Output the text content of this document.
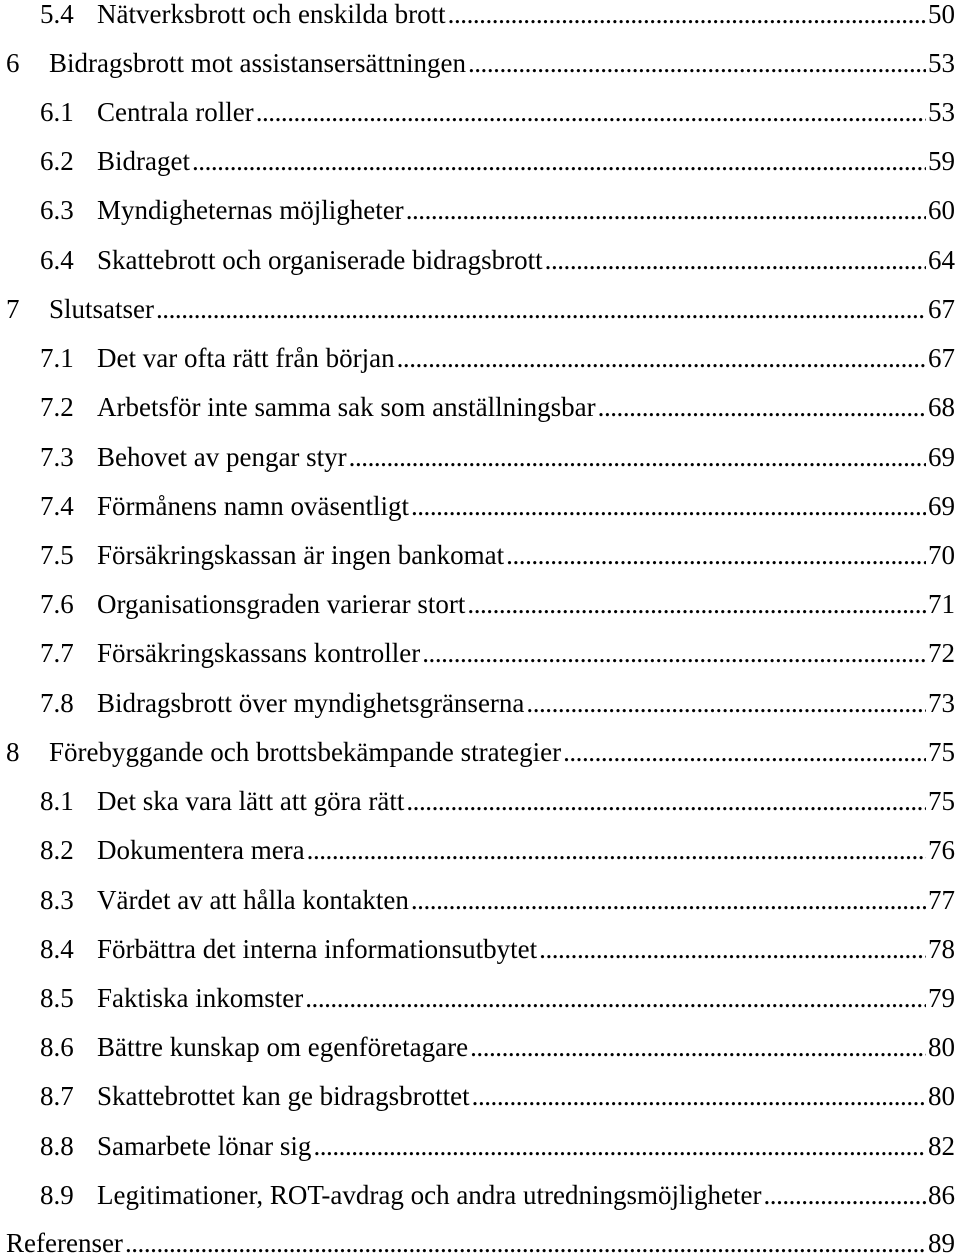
5.4 Nätverksbrott och enskilda brott . . .	50
6	Bidragsbrott mot assistansersättningen . . .	53
6.1 Centrala roller . . .	53
6.2 Bidraget . . .	59
6.3 Myndigheternas möjligheter . . .	60
6.4 Skattebrott och organiserade bidragsbrott . . .	64
7	Slutsatser . . .	67
7.1 Det var ofta rätt från början . . .	67
7.2 Arbetsför inte samma sak som anställningsbar . . .	68
7.3 Behovet av pengar styr . . .	69
7.4 Förmånens namn oväsentligt . . .	69
7.5 Försäkringskassan är ingen bankomat . . .	70
7.6 Organisationsgraden varierar stort . . .	71
7.7 Försäkringskassans kontroller . . .	72
7.8 Bidragsbrott över myndighetsgränserna . . .	73
8	Förebyggande och brottsbekämpande strategier . . .	75
8.1 Det ska vara lätt att göra rätt . . .	75
8.2 Dokumentera mera . . .	76
8.3 Värdet av att hålla kontakten . . .	77
8.4 Förbättra det interna informationsutbytet . . .	78
8.5 Faktiska inkomster . . .	79
8.6 Bättre kunskap om egenföretagare . . .	80
8.7 Skattebrottet kan ge bidragsbrottet . . .	80
8.8 Samarbete lönar sig . . .	82
8.9 Legitimationer, ROT-avdrag och andra utredningsmöjligheter . . .	86
Referenser . . .	89
